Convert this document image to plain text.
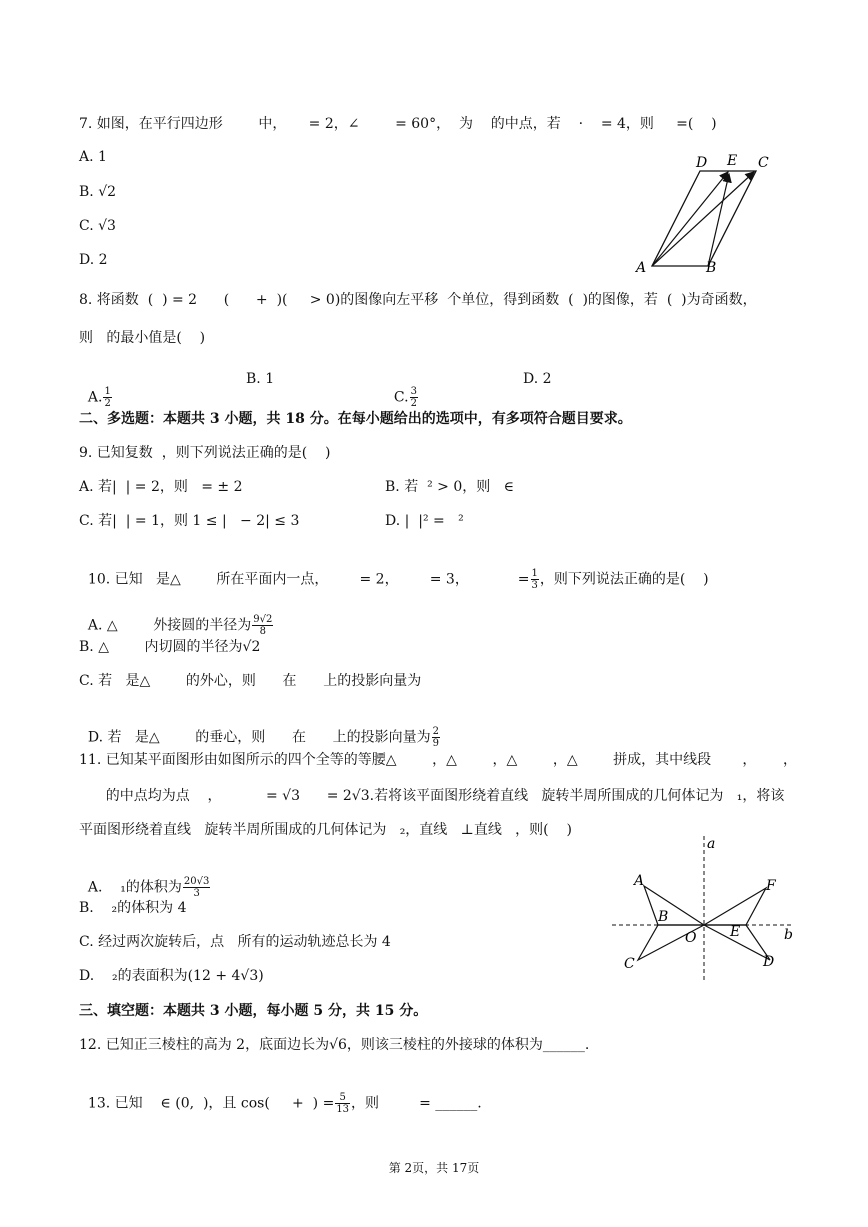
7. 如图，在平行四边形        中，     = 2，∠        = 60°，  为    的中点，若    ·    = 4，则     =(    )
A. 1
B. √2
C. √3
D. 2
D E C
A	B
8. 将函数  (  ) = 2      (      +  )(     > 0)的图像向左平移  个单位，得到函数  (  )的图像，若  (  )为奇函数，
则   的最小值是(    )

A. $\frac{1}{2}$

B. 1

C. $\frac{3}{2}$

D. 2
二、多选题：本题共 3 小题，共 18 分。在每小题给出的选项中，有多项符合题目要求。
9. 已知复数  ，则下列说法正确的是(    )
A. 若|  | = 2，则   = ± 2	B. 若  ² > 0，则   ∈
C. 若|  | = 1，则 1 ≤ |   − 2| ≤ 3	D. |  |² =   ²

10. 已知   是△        所在平面内一点，       = 2，       = 3，           = $\frac{1}{3}$ ，则下列说法正确的是(    )

A. △        外接圆的半径为 $\frac{9√2}{8}$

B. △        内切圆的半径为√2
C. 若   是△        的外心，则      在      上的投影向量为

D. 若   是△        的垂心，则      在      上的投影向量为 $\frac{2}{9}$

11. 已知某平面图形由如图所示的四个全等的等腰△        ，△        ，△        ，△        拼成，其中线段       ，      ，
的中点均为点    ，          = √3      = 2√3.若将该平面图形绕着直线   旋转半周所围成的几何体记为   ₁，将该
平面图形绕着直线   旋转半周所围成的几何体记为   ₂，直线   ⊥直线   ，则(    )

A.    ₁的体积为 $\frac{20√3}{3}$

B.    ₂的体积为 4
C. 经过两次旋转后，点   所有的运动轨迹总长为 4
D.    ₂的表面积为(12 + 4√3)
a
A	F
B
O E	b
C	D
三、填空题：本题共 3 小题，每小题 5 分，共 15 分。
12. 已知正三棱柱的高为 2，底面边长为√6，则该三棱柱的外接球的体积为______.

13. 已知    ∈ (0,  )，且 cos(     +  ) = $\frac{5}{13}$ ，则         = ______.

第 2页，共 17页
